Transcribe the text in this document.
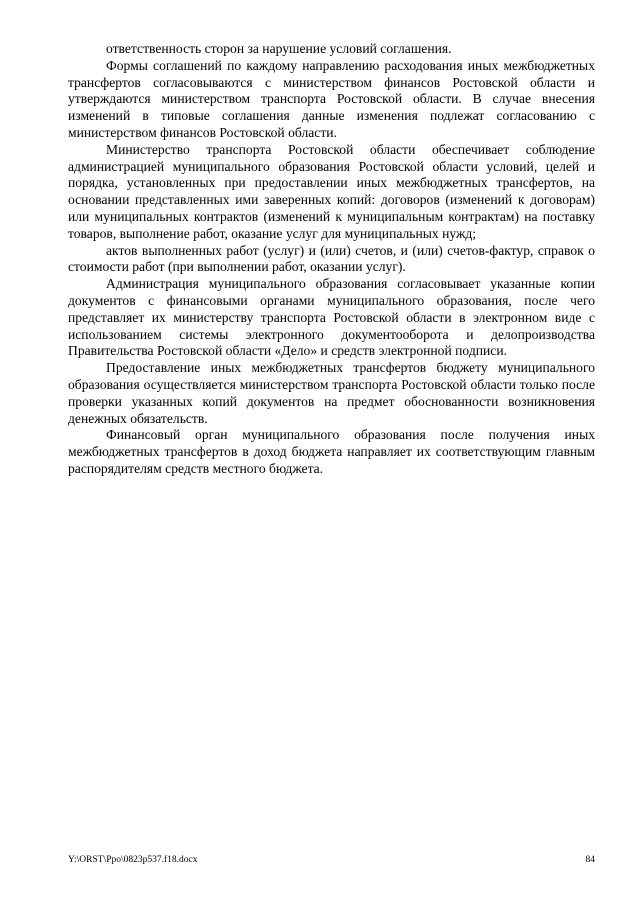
ответственность сторон за нарушение условий соглашения.

Формы соглашений по каждому направлению расходования иных межбюджетных трансфертов согласовываются с министерством финансов Ростовской области и утверждаются министерством транспорта Ростовской области. В случае внесения изменений в типовые соглашения данные изменения подлежат согласованию с министерством финансов Ростовской области.

Министерство транспорта Ростовской области обеспечивает соблюдение администрацией муниципального образования Ростовской области условий, целей и порядка, установленных при предоставлении иных межбюджетных трансфертов, на основании представленных ими заверенных копий: договоров (изменений к договорам) или муниципальных контрактов (изменений к муниципальным контрактам) на поставку товаров, выполнение работ, оказание услуг для муниципальных нужд;

актов выполненных работ (услуг) и (или) счетов, и (или) счетов-фактур, справок о стоимости работ (при выполнении работ, оказании услуг).

Администрация муниципального образования согласовывает указанные копии документов с финансовыми органами муниципального образования, после чего представляет их министерству транспорта Ростовской области в электронном виде с использованием системы электронного документооборота и делопроизводства Правительства Ростовской области «Дело» и средств электронной подписи.

Предоставление иных межбюджетных трансфертов бюджету муниципального образования осуществляется министерством транспорта Ростовской области только после проверки указанных копий документов на предмет обоснованности возникновения денежных обязательств.

Финансовый орган муниципального образования после получения иных межбюджетных трансфертов в доход бюджета направляет их соответствующим главным распорядителям средств местного бюджета.

Y:\ORST\Ppo\0823p537.f18.docx	84
